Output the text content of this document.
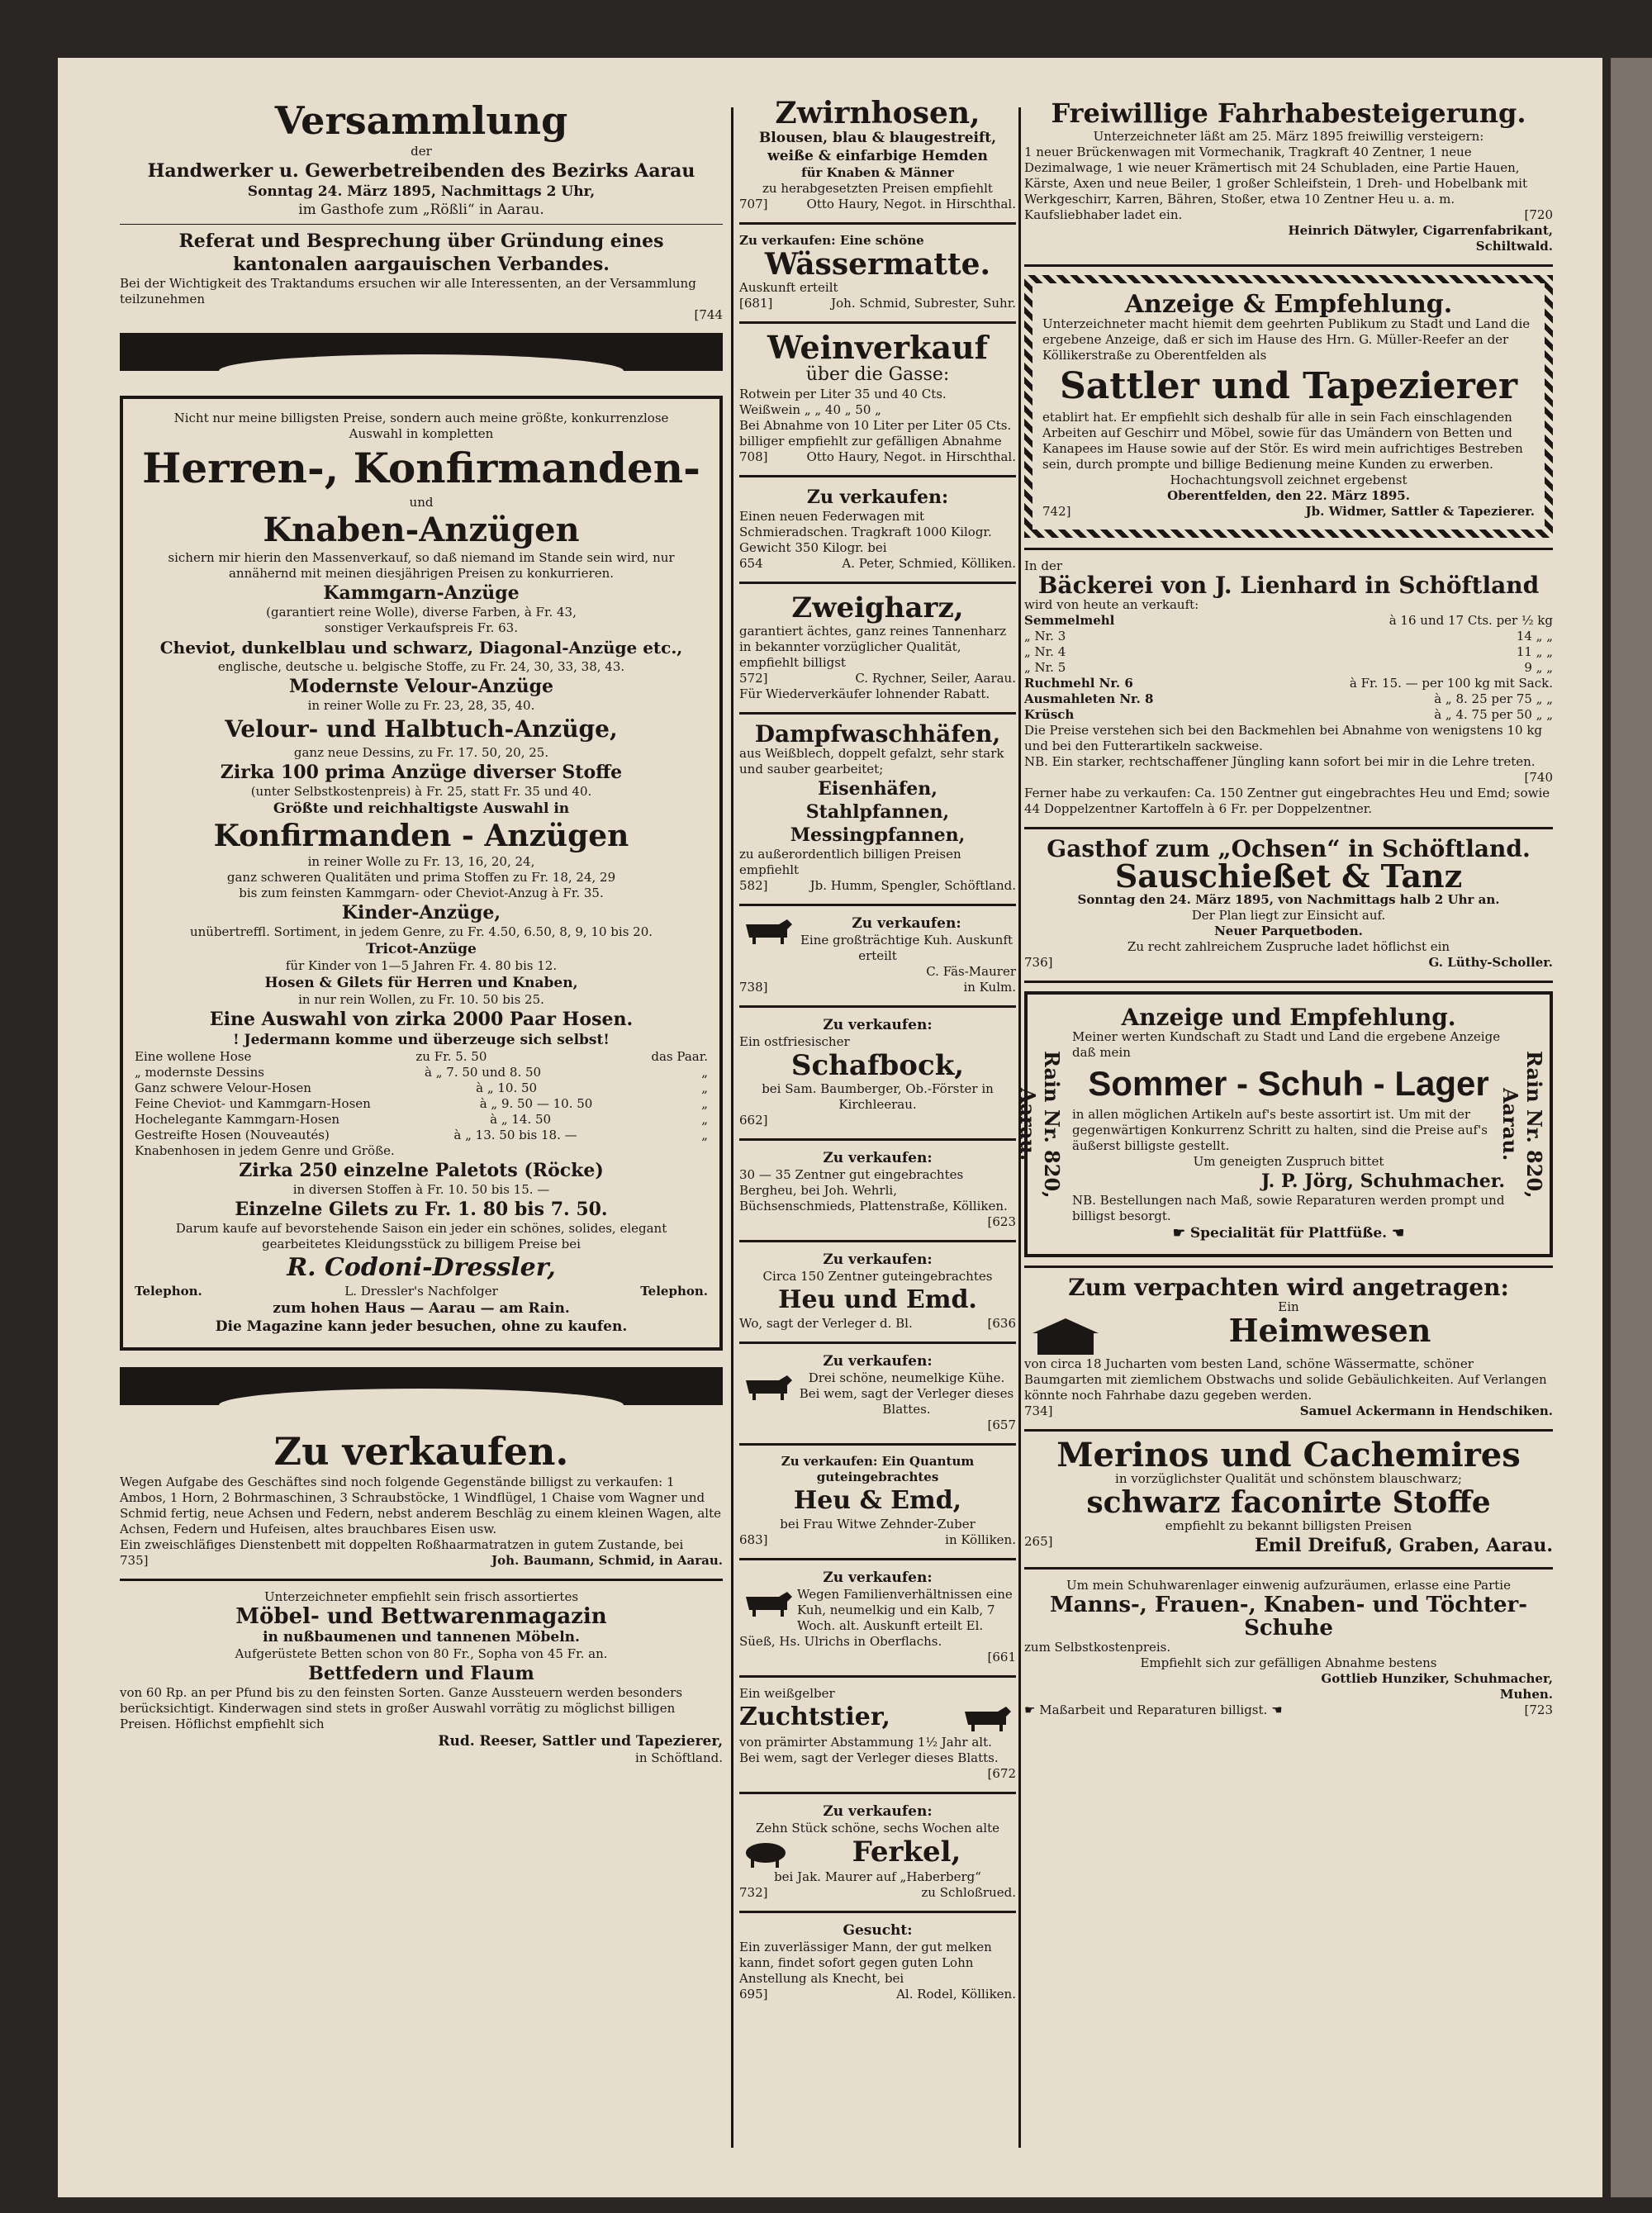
Versammlung
der
Handwerker u. Gewerbetreibenden des Bezirks Aarau
Sonntag 24. März 1895, Nachmittags 2 Uhr,
im Gasthofe zum „Rößli“ in Aarau.
Referat und Besprechung über Gründung eines kantonalen aargauischen Verbandes.
Bei der Wichtigkeit des Traktandums ersuchen wir alle Interessenten, an der Versammlung teilzunehmen
[744
Nicht nur meine billigsten Preise, sondern auch meine größte, konkurrenzlose Auswahl in kompletten
Herren-, Konfirmanden-
und
Knaben-Anzügen
sichern mir hierin den Massenverkauf, so daß niemand im Stande sein wird, nur annähernd mit meinen diesjährigen Preisen zu konkurrieren.
Kammgarn-Anzüge
(garantiert reine Wolle), diverse Farben, à Fr. 43,
sonstiger Verkaufspreis Fr. 63.
Cheviot, dunkelblau und schwarz, Diagonal-Anzüge etc.,
englische, deutsche u. belgische Stoffe, zu Fr. 24, 30, 33, 38, 43.
Modernste Velour-Anzüge
in reiner Wolle zu Fr. 23, 28, 35, 40.
Velour- und Halbtuch-Anzüge,
ganz neue Dessins, zu Fr. 17. 50, 20, 25.
Zirka 100 prima Anzüge diverser Stoffe
(unter Selbstkostenpreis) à Fr. 25, statt Fr. 35 und 40.
Größte und reichhaltigste Auswahl in
Konfirmanden - Anzügen
in reiner Wolle zu Fr. 13, 16, 20, 24,
ganz schweren Qualitäten und prima Stoffen zu Fr. 18, 24, 29
bis zum feinsten Kammgarn- oder Cheviot-Anzug à Fr. 35.
Kinder-Anzüge,
unübertreffl. Sortiment, in jedem Genre, zu Fr. 4.50, 6.50, 8, 9, 10 bis 20.
Tricot-Anzüge
für Kinder von 1—5 Jahren Fr. 4. 80 bis 12.
Hosen & Gilets für Herren und Knaben,
in nur rein Wollen, zu Fr. 10. 50 bis 25.
Eine Auswahl von zirka 2000 Paar Hosen.
! Jedermann komme und überzeuge sich selbst!
Eine wollene Hose	zu Fr. 5. 50	das Paar.
„ modernste Dessins	à „ 7. 50 und 8. 50	„
Ganz schwere Velour-Hosen	à „ 10. 50	„
Feine Cheviot- und Kammgarn-Hosen	à „ 9. 50 — 10. 50	„
Hochelegante Kammgarn-Hosen	à „ 14. 50	„
Gestreifte Hosen (Nouveautés)	à „ 13. 50 bis 18. —	„
Knabenhosen in jedem Genre und Größe.
Zirka 250 einzelne Paletots (Röcke)
in diversen Stoffen à Fr. 10. 50 bis 15. —
Einzelne Gilets zu Fr. 1. 80 bis 7. 50.
Darum kaufe auf bevorstehende Saison ein jeder ein schönes, solides, elegant gearbeitetes Kleidungsstück zu billigem Preise bei
R. Codoni-Dressler,
Telephon.	L. Dressler's Nachfolger	Telephon.
zum hohen Haus — Aarau — am Rain.
Die Magazine kann jeder besuchen, ohne zu kaufen.
Zu verkaufen.
Wegen Aufgabe des Geschäftes sind noch folgende Gegenstände billigst zu verkaufen: 1 Ambos, 1 Horn, 2 Bohrmaschinen, 3 Schraubstöcke, 1 Windflügel, 1 Chaise vom Wagner und Schmid fertig, neue Achsen und Federn, nebst anderem Beschläg zu einem kleinen Wagen, alte Achsen, Federn und Hufeisen, altes brauchbares Eisen usw.
Ein zweischläfiges Dienstenbett mit doppelten Roßhaarmatratzen in gutem Zustande, bei
735]	Joh. Baumann, Schmid, in Aarau.
Unterzeichneter empfiehlt sein frisch assortiertes
Möbel- und Bettwarenmagazin
in nußbaumenen und tannenen Möbeln.
Aufgerüstete Betten schon von 80 Fr., Sopha von 45 Fr. an.
Bettfedern und Flaum
von 60 Rp. an per Pfund bis zu den feinsten Sorten. Ganze Aussteuern werden besonders berücksichtigt. Kinderwagen sind stets in großer Auswahl vorrätig zu möglichst billigen Preisen. Höflichst empfiehlt sich
Rud. Reeser, Sattler und Tapezierer,
in Schöftland.
Zwirnhosen,
Blousen, blau & blaugestreift,
weiße & einfarbige Hemden
für Knaben & Männer
zu herabgesetzten Preisen empfiehlt
707]	Otto Haury, Negot. in Hirschthal.
Zu verkaufen: Eine schöne
Wässermatte.
Auskunft erteilt
[681]	Joh. Schmid, Subrester, Suhr.
Weinverkauf
über die Gasse:
Rotwein per Liter 35 und 40 Cts.
Weißwein „ „ 40 „ 50 „
Bei Abnahme von 10 Liter per Liter 05 Cts. billiger empfiehlt zur gefälligen Abnahme
708]	Otto Haury, Negot. in Hirschthal.
Zu verkaufen:
Einen neuen Federwagen mit Schmieradschen. Tragkraft 1000 Kilogr. Gewicht 350 Kilogr. bei
654	A. Peter, Schmied, Kölliken.
Zweigharz,
garantiert ächtes, ganz reines Tannenharz in bekannter vorzüglicher Qualität, empfiehlt billigst
572]	C. Rychner, Seiler, Aarau.
Für Wiederverkäufer lohnender Rabatt.
Dampfwaschhäfen,
aus Weißblech, doppelt gefalzt, sehr stark und sauber gearbeitet;
Eisenhäfen,
Stahlpfannen,
Messingpfannen,
zu außerordentlich billigen Preisen empfiehlt
582]	Jb. Humm, Spengler, Schöftland.
Zu verkaufen:
Eine großträchtige Kuh. Auskunft erteilt
C. Fäs-Maurer
738]	in Kulm.
Zu verkaufen:
Ein ostfriesischer
Schafbock,
bei Sam. Baumberger, Ob.-Förster in Kirchleerau.
662]
Zu verkaufen:
30 — 35 Zentner gut eingebrachtes Bergheu, bei Joh. Wehrli, Büchsenschmieds, Plattenstraße, Kölliken.
[623
Zu verkaufen:
Circa 150 Zentner guteingebrachtes
Heu und Emd.
Wo, sagt der Verleger d. Bl.	[636
Zu verkaufen:
Drei schöne, neumelkige Kühe.
Bei wem, sagt der Verleger dieses Blattes.
[657
Zu verkaufen: Ein Quantum guteingebrachtes
Heu & Emd,
bei Frau Witwe Zehnder-Zuber
683]	in Kölliken.
Zu verkaufen:
Wegen Familienverhältnissen eine Kuh, neumelkig und ein Kalb, 7 Woch. alt. Auskunft erteilt El. Süeß, Hs. Ulrichs in Oberflachs.
[661
Ein weißgelber
Zuchtstier,
von prämirter Abstammung 1½ Jahr alt. Bei wem, sagt der Verleger dieses Blatts.
[672
Zu verkaufen:
Zehn Stück schöne, sechs Wochen alte
Ferkel,
bei Jak. Maurer auf „Haberberg“
732]	zu Schloßrued.
Gesucht:
Ein zuverlässiger Mann, der gut melken kann, findet sofort gegen guten Lohn Anstellung als Knecht, bei
695]	Al. Rodel, Kölliken.
Freiwillige Fahrhabesteigerung.
Unterzeichneter läßt am 25. März 1895 freiwillig versteigern:
1 neuer Brückenwagen mit Vormechanik, Tragkraft 40 Zentner, 1 neue Dezimalwage, 1 wie neuer Krämertisch mit 24 Schubladen, eine Partie Hauen, Kärste, Axen und neue Beiler, 1 großer Schleifstein, 1 Dreh- und Hobelbank mit Werkgeschirr, Karren, Bähren, Stoßer, etwa 10 Zentner Heu u. a. m.
Kaufsliebhaber ladet ein.	[720
Heinrich Dätwyler, Cigarrenfabrikant,
Schiltwald.
Anzeige & Empfehlung.
Unterzeichneter macht hiemit dem geehrten Publikum zu Stadt und Land die ergebene Anzeige, daß er sich im Hause des Hrn. G. Müller-Reefer an der Köllikerstraße zu Oberentfelden als
Sattler und Tapezierer
etablirt hat. Er empfiehlt sich deshalb für alle in sein Fach einschlagenden Arbeiten auf Geschirr und Möbel, sowie für das Umändern von Betten und Kanapees im Hause sowie auf der Stör. Es wird mein aufrichtiges Bestreben sein, durch prompte und billige Bedienung meine Kunden zu erwerben.
Hochachtungsvoll zeichnet ergebenst
Oberentfelden, den 22. März 1895.
742]	Jb. Widmer, Sattler & Tapezierer.
In der
Bäckerei von J. Lienhard in Schöftland
wird von heute an verkauft:
Semmelmehl	à 16 und 17 Cts. per ½ kg
„ Nr. 3	14 „ „
„ Nr. 4	11 „ „
„ Nr. 5	9 „ „
Ruchmehl Nr. 6	à Fr. 15. — per 100 kg mit Sack.
Ausmahleten Nr. 8	à „ 8. 25 per 75 „ „
Krüsch	à „ 4. 75 per 50 „ „
Die Preise verstehen sich bei den Backmehlen bei Abnahme von wenigstens 10 kg und bei den Futterartikeln sackweise.
NB. Ein starker, rechtschaffener Jüngling kann sofort bei mir in die Lehre treten.
[740
Ferner habe zu verkaufen: Ca. 150 Zentner gut eingebrachtes Heu und Emd; sowie 44 Doppelzentner Kartoffeln à 6 Fr. per Doppelzentner.
Gasthof zum „Ochsen“ in Schöftland.
Sauschießet & Tanz
Sonntag den 24. März 1895, von Nachmittags halb 2 Uhr an.
Der Plan liegt zur Einsicht auf.
Neuer Parquetboden.
Zu recht zahlreichem Zuspruche ladet höflichst ein
736]	G. Lüthy-Scholler.
Rain Nr. 820, Aarau.	Rain Nr. 820, Aarau.
Anzeige und Empfehlung.
Meiner werten Kundschaft zu Stadt und Land die ergebene Anzeige daß mein
Sommer - Schuh - Lager
in allen möglichen Artikeln auf's beste assortirt ist. Um mit der gegenwärtigen Konkurrenz Schritt zu halten, sind die Preise auf's äußerst billigste gestellt.
Um geneigten Zuspruch bittet
J. P. Jörg, Schuhmacher.
NB. Bestellungen nach Maß, sowie Reparaturen werden prompt und billigst besorgt.
☛ Specialität für Plattfüße. ☚
Zum verpachten wird angetragen:
Ein
Heimwesen
von circa 18 Jucharten vom besten Land, schöne Wässermatte, schöner Baumgarten mit ziemlichem Obstwachs und solide Gebäulichkeiten. Auf Verlangen könnte noch Fahrhabe dazu gegeben werden.
734]	Samuel Ackermann in Hendschiken.
Merinos und Cachemires
in vorzüglichster Qualität und schönstem blauschwarz;
schwarz faconirte Stoffe
empfiehlt zu bekannt billigsten Preisen
265]	Emil Dreifuß, Graben, Aarau.
Um mein Schuhwarenlager einwenig aufzuräumen, erlasse eine Partie
Manns-, Frauen-, Knaben- und Töchter-Schuhe
zum Selbstkostenpreis.
Empfiehlt sich zur gefälligen Abnahme bestens
Gottlieb Hunziker, Schuhmacher,
Muhen.
☛ Maßarbeit und Reparaturen billigst. ☚	[723
